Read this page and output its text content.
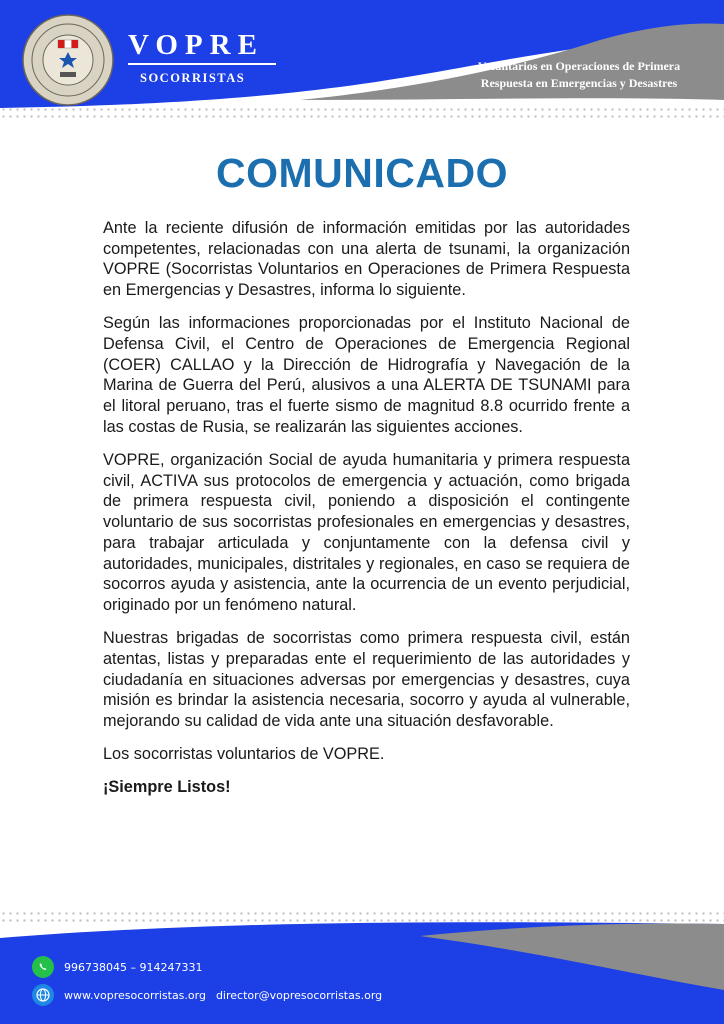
VOPRE
SOCORRISTAS
Voluntarios en Operaciones de Primera
Respuesta en Emergencias y Desastres
COMUNICADO

Ante la reciente difusión de información emitidas por las autoridades competentes, relacionadas con una alerta de tsunami, la organización VOPRE (Socorristas Voluntarios en Operaciones de Primera Respuesta en Emergencias y Desastres, informa lo siguiente.

Según las informaciones proporcionadas por el Instituto Nacional de Defensa Civil, el Centro de Operaciones de Emergencia Regional (COER) CALLAO y la Dirección de Hidrografía y Navegación de la Marina de Guerra del Perú, alusivos a una ALERTA DE TSUNAMI para el litoral peruano, tras el fuerte sismo de magnitud 8.8 ocurrido frente a las costas de Rusia, se realizarán las siguientes acciones.

VOPRE, organización Social de ayuda humanitaria y primera respuesta civil, ACTIVA sus protocolos de emergencia y actuación, como brigada de primera respuesta civil, poniendo a disposición el contingente voluntario de sus socorristas profesionales en emergencias y desastres, para trabajar articulada y conjuntamente con la defensa civil y autoridades, municipales, distritales y regionales, en caso se requiera de socorros ayuda y asistencia, ante la ocurrencia de un evento perjudicial, originado por un fenómeno natural.

Nuestras brigadas de socorristas como primera respuesta civil, están atentas, listas y preparadas ente el requerimiento de las autoridades y ciudadanía en situaciones adversas por emergencias y desastres, cuya misión es brindar la asistencia necesaria, socorro y ayuda al vulnerable, mejorando su calidad de vida ante una situación desfavorable.

Los socorristas voluntarios de VOPRE.

¡Siempre Listos!

996738045 – 914247331
www.vopresocorristas.org director@vopresocorristas.org
